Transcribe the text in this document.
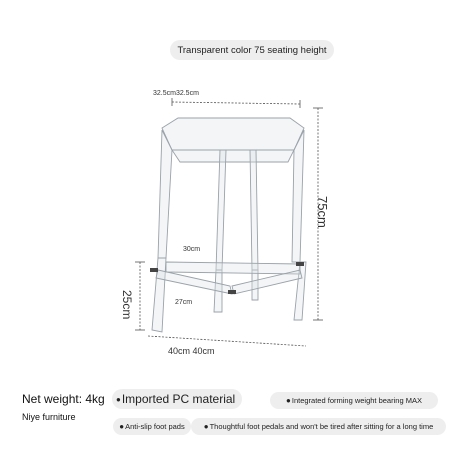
Transparent color 75 seating height
32.5cm32.5cm
75cm
30cm
27cm
25cm
40cm 40cm
Net weight: 4kg ● Imported PC material	● Integrated forming weight bearing MAX
Niye furniture
● Anti-slip foot pads ● Thoughtful foot pedals and won't be tired after sitting for a long time
